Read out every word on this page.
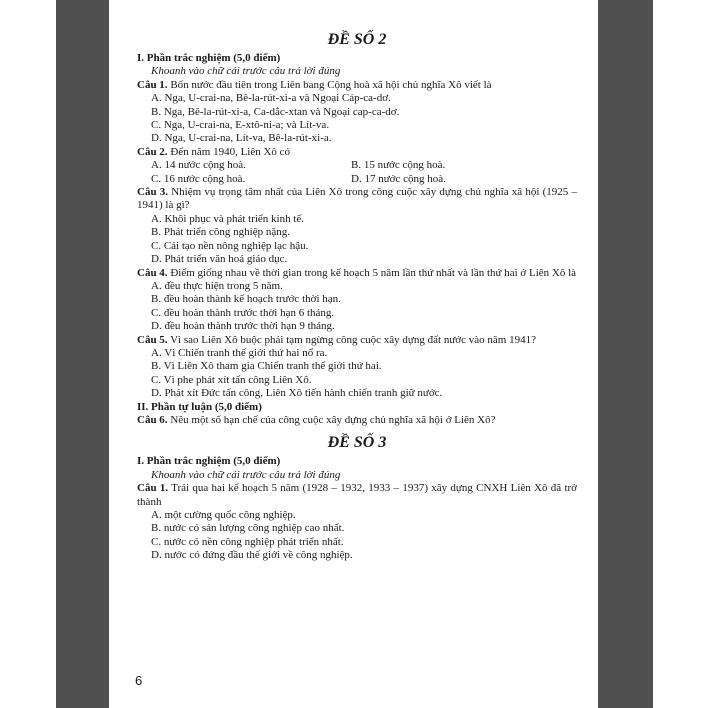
ĐỀ SỐ 2
I. Phần trắc nghiệm (5,0 điểm)
Khoanh vào chữ cái trước câu trả lời đúng
Câu 1. Bốn nước đầu tiên trong Liên bang Cộng hoà xã hội chủ nghĩa Xô viết là
A. Nga, U-crai-na, Bê-la-rút-xi-a và Ngoại Cáp-ca-dơ.
B. Nga, Bê-la-rút-xi-a, Ca-dắc-xtan và Ngoại cap-ca-dơ.
C. Nga, U-crai-na, E-xtô-ni-a; và Lít-va.
D. Nga, U-crai-na, Lít-va, Bê-la-rút-xi-a.
Câu 2. Đến năm 1940, Liên Xô có
A. 14 nước cộng hoà.	B. 15 nước cộng hoà.
C. 16 nước cộng hoà.	D. 17 nước cộng hoà.
Câu 3. Nhiệm vụ trọng tâm nhất của Liên Xô trong công cuộc xây dựng chủ nghĩa xã hội (1925 – 1941) là gì?
A. Khôi phục và phát triển kinh tế.
B. Phát triển công nghiệp nặng.
C. Cải tạo nền nông nghiệp lạc hậu.
D. Phát triển văn hoá giáo dục.
Câu 4. Điểm giống nhau về thời gian trong kế hoạch 5 năm lần thứ nhất và lần thứ hai ở Liên Xô là
A. đều thực hiện trong 5 năm.
B. đều hoàn thành kế hoạch trước thời hạn.
C. đều hoàn thành trước thời hạn 6 tháng.
D. đều hoàn thành trước thời hạn 9 tháng.
Câu 5. Vì sao Liên Xô buộc phải tạm ngừng công cuộc xây dựng đất nước vào năm 1941?
A. Vì Chiến tranh thế giới thứ hai nổ ra.
B. Vì Liên Xô tham gia Chiến tranh thế giới thứ hai.
C. Vì phe phát xít tấn công Liên Xô.
D. Phát xít Đức tấn công, Liên Xô tiến hành chiến tranh giữ nước.
II. Phần tự luận (5,0 điểm)
Câu 6. Nêu một số hạn chế của công cuộc xây dựng chủ nghĩa xã hội ở Liên Xô?
ĐỀ SỐ 3
I. Phần trắc nghiệm (5,0 điểm)
Khoanh vào chữ cái trước câu trả lời đúng
Câu 1. Trải qua hai kế hoạch 5 năm (1928 – 1932, 1933 – 1937) xây dựng CNXH Liên Xô đã trở thành
A. một cường quốc công nghiệp.
B. nước có sản lượng công nghiệp cao nhất.
C. nước có nền công nghiệp phát triển nhất.
D. nước có đứng đầu thế giới về công nghiệp.
6
